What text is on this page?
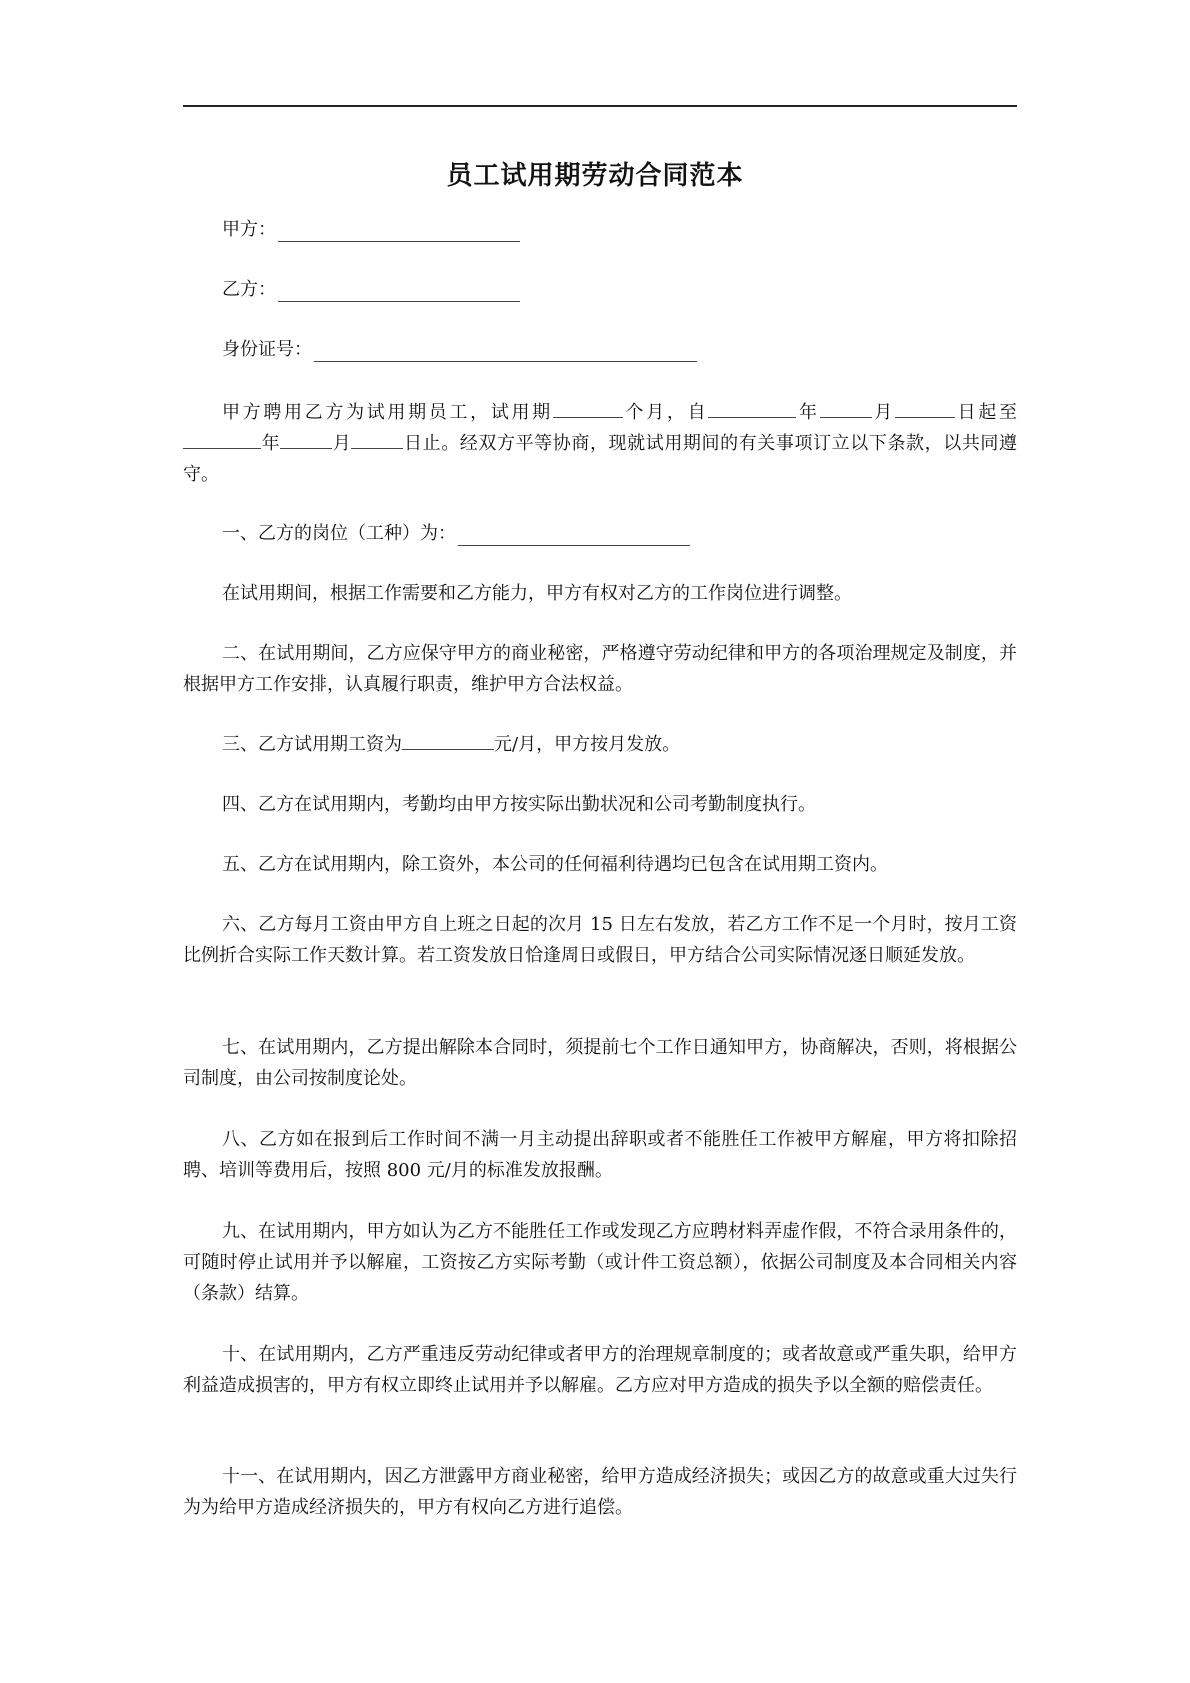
员工试用期劳动合同范本
甲方：
乙方：
身份证号：

甲方聘用乙方为试用期员工，试用期	个月，自	年	月	日起至年	月	日止。经双方平等协商，现就试用期间的有关事项订立以下条款，以共同遵守。

一、乙方的岗位（工种）为：

在试用期间，根据工作需要和乙方能力，甲方有权对乙方的工作岗位进行调整。

二、在试用期间，乙方应保守甲方的商业秘密，严格遵守劳动纪律和甲方的各项治理规定及制度，并根据甲方工作安排，认真履行职责，维护甲方合法权益。

三、乙方试用期工资为	元/月，甲方按月发放。

四、乙方在试用期内，考勤均由甲方按实际出勤状况和公司考勤制度执行。

五、乙方在试用期内，除工资外，本公司的任何福利待遇均已包含在试用期工资内。

六、乙方每月工资由甲方自上班之日起的次月 15 日左右发放，若乙方工作不足一个月时，按月工资比例折合实际工作天数计算。若工资发放日恰逢周日或假日，甲方结合公司实际情况逐日顺延发放。

七、在试用期内，乙方提出解除本合同时，须提前七个工作日通知甲方，协商解决，否则，将根据公司制度，由公司按制度论处。

八、乙方如在报到后工作时间不满一月主动提出辞职或者不能胜任工作被甲方解雇，甲方将扣除招聘、培训等费用后，按照 800 元/月的标准发放报酬。

九、在试用期内，甲方如认为乙方不能胜任工作或发现乙方应聘材料弄虚作假，不符合录用条件的，可随时停止试用并予以解雇，工资按乙方实际考勤（或计件工资总额），依据公司制度及本合同相关内容（条款）结算。

十、在试用期内，乙方严重违反劳动纪律或者甲方的治理规章制度的；或者故意或严重失职，给甲方利益造成损害的，甲方有权立即终止试用并予以解雇。乙方应对甲方造成的损失予以全额的赔偿责任。

十一、在试用期内，因乙方泄露甲方商业秘密，给甲方造成经济损失；或因乙方的故意或重大过失行为为给甲方造成经济损失的，甲方有权向乙方进行追偿。
